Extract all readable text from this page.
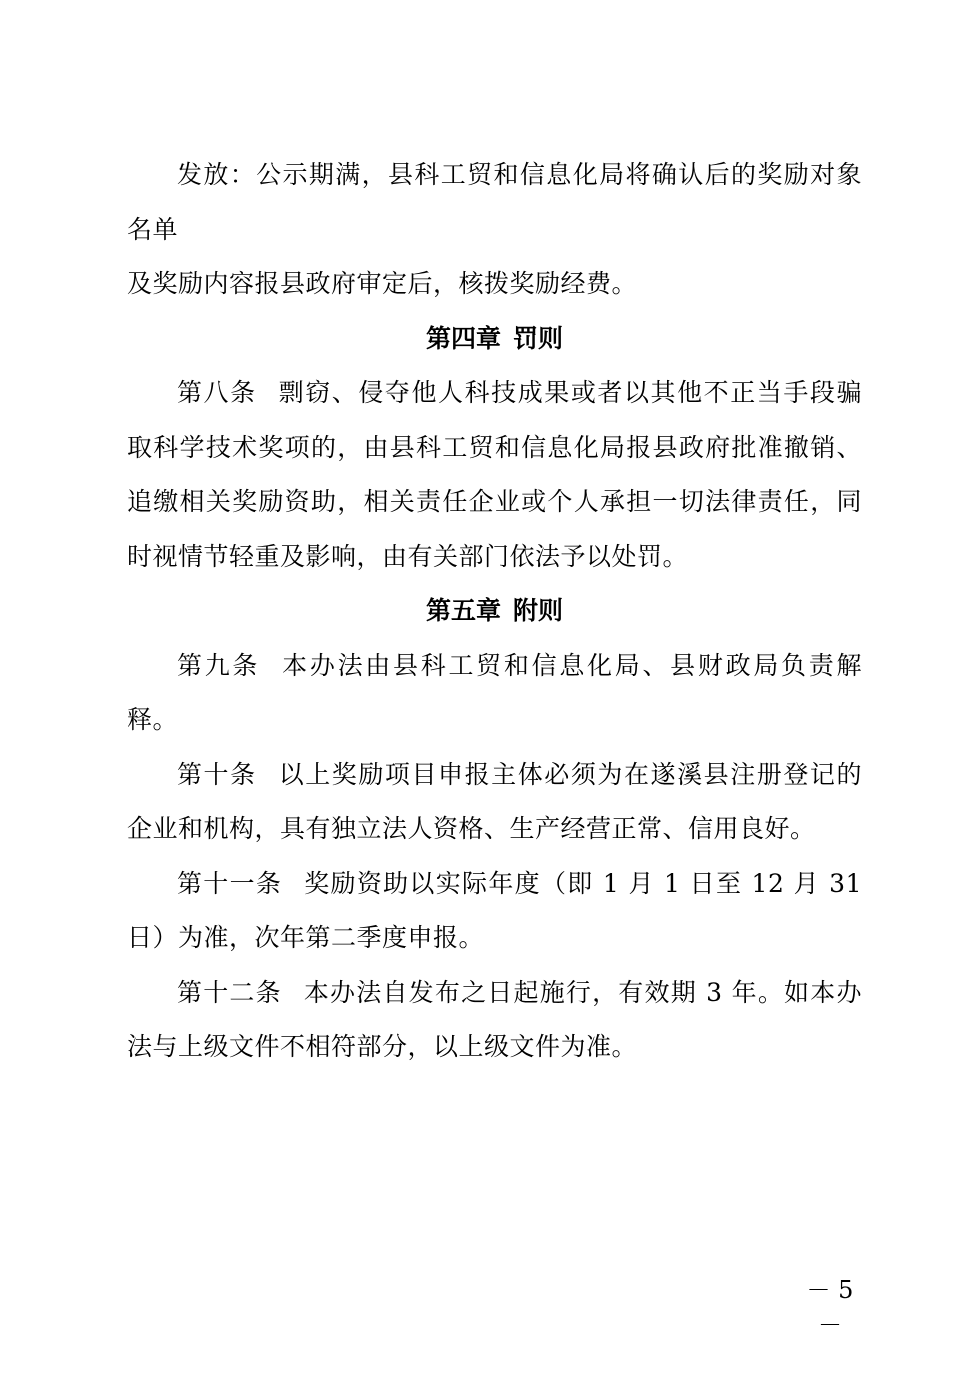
发放：公示期满，县科工贸和信息化局将确认后的奖励对象名单

及奖励内容报县政府审定后，核拨奖励经费。

第四章 罚则

第八条 剽窃、侵夺他人科技成果或者以其他不正当手段骗取科学技术奖项的，由县科工贸和信息化局报县政府批准撤销、追缴相关奖励资助，相关责任企业或个人承担一切法律责任，同时视情节轻重及影响，由有关部门依法予以处罚。

第五章 附则

第九条 本办法由县科工贸和信息化局、县财政局负责解释。

第十条 以上奖励项目申报主体必须为在遂溪县注册登记的企业和机构，具有独立法人资格、生产经营正常、信用良好。

第十一条 奖励资助以实际年度（即 1 月 1 日至 12 月 31 日）为准，次年第二季度申报。

第十二条 本办法自发布之日起施行，有效期 3 年。如本办法与上级文件不相符部分，以上级文件为准。

－ 5 －
